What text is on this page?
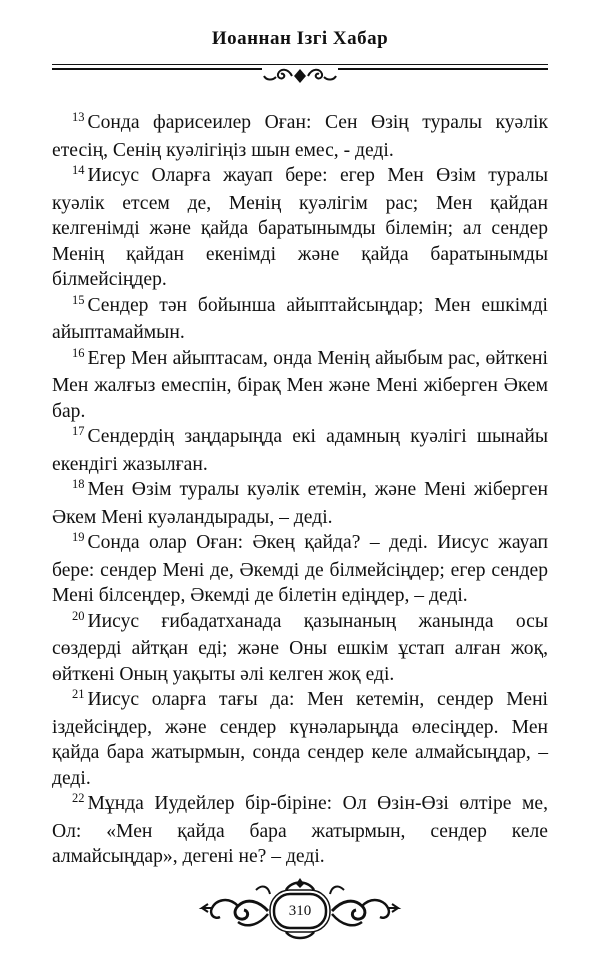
Иоаннан Ізгі Хабар

$^{13}$ Сонда фарисеилер Оған: Сен Өзің туралы куәлік етесің, Сенің куәлігіңіз шын емес, - деді.

$^{14}$ Иисус Оларға жауап бере: егер Мен Өзім туралы куәлік етсем де, Менің куәлігім рас; Мен қайдан келгенімді және қайда баратынымды білемін; ал сендер Менің қайдан екенімді және қайда баратынымды білмейсіңдер.

$^{15}$ Сендер тән бойынша айыптайсыңдар; Мен ешкімді айыптамаймын.

$^{16}$ Егер Мен айыптасам, онда Менің айыбым рас, өйткені Мен жалғыз емеспін, бірақ Мен және Мені жіберген Әкем бар.

$^{17}$ Сендердің заңдарыңда екі адамның куәлігі шынайы екендігі жазылған.

$^{18}$ Мен Өзім туралы куәлік етемін, және Мені жіберген Әкем Мені куәландырады, – деді.

$^{19}$ Сонда олар Оған: Әкең қайда? – деді. Иисус жауап бере: сендер Мені де, Әкемді де білмейсіңдер; егер сендер Мені білсеңдер, Әкемді де білетін едіңдер, – деді.

$^{20}$ Иисус ғибадатханада қазынаның жанында осы сөздерді айтқан еді; және Оны ешкім ұстап алған жоқ, өйткені Оның уақыты әлі келген жоқ еді.

$^{21}$ Иисус оларға тағы да: Мен кетемін, сендер Мені іздейсіңдер, және сендер күнәларыңда өлесіңдер. Мен қайда бара жатырмын, сонда сендер келе алмайсыңдар, – деді.

$^{22}$ Мұнда Иудейлер бір-біріне: Ол Өзін-Өзі өлтіре ме, Ол: «Мен қайда бара жатырмын, сендер келе алмайсыңдар», дегені не? – деді.

310
